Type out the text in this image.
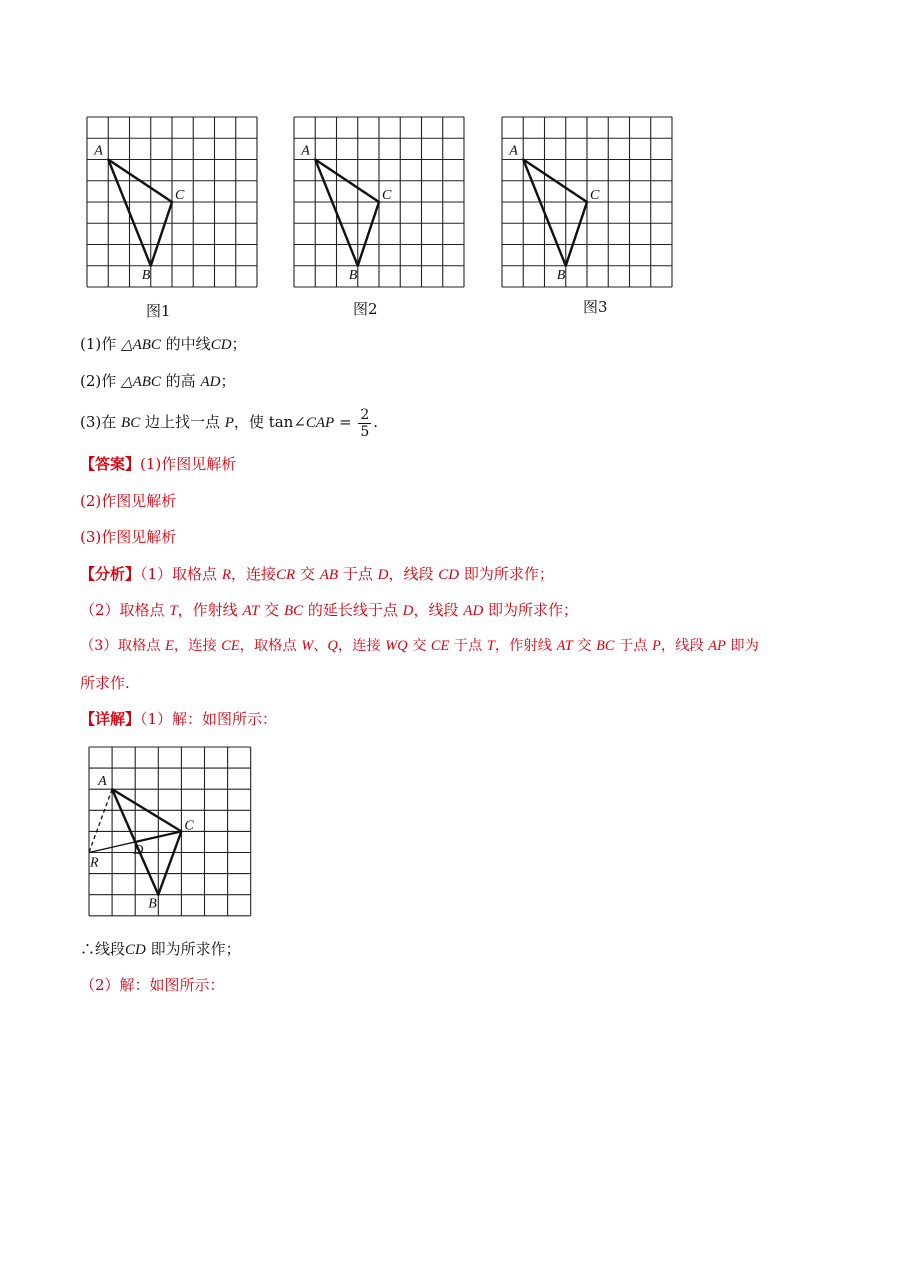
A
C
B
图1
A
C
B
图2
A
C
B
图3
(1)作 △ABC 的中线CD；
(2)作 △ABC 的高 AD；
(3)在 BC 边上找一点 P，使 tan∠CAP = $\frac{2}{5}$ .
【答案】(1)作图见解析
(2)作图见解析
(3)作图见解析
【分析】（1）取格点 R，连接CR 交 AB 于点 D，线段 CD 即为所求作；
（2）取格点 T，作射线 AT 交 BC 的延长线于点 D，线段 AD 即为所求作；
（3）取格点 E，连接 CE，取格点 W、Q，连接 WQ 交 CE 于点 T，作射线 AT 交 BC 于点 P，线段 AP 即为
所求作.
【详解】（1）解：如图所示：
A
C
B
D
R
∴线段CD 即为所求作；
（2）解：如图所示：
